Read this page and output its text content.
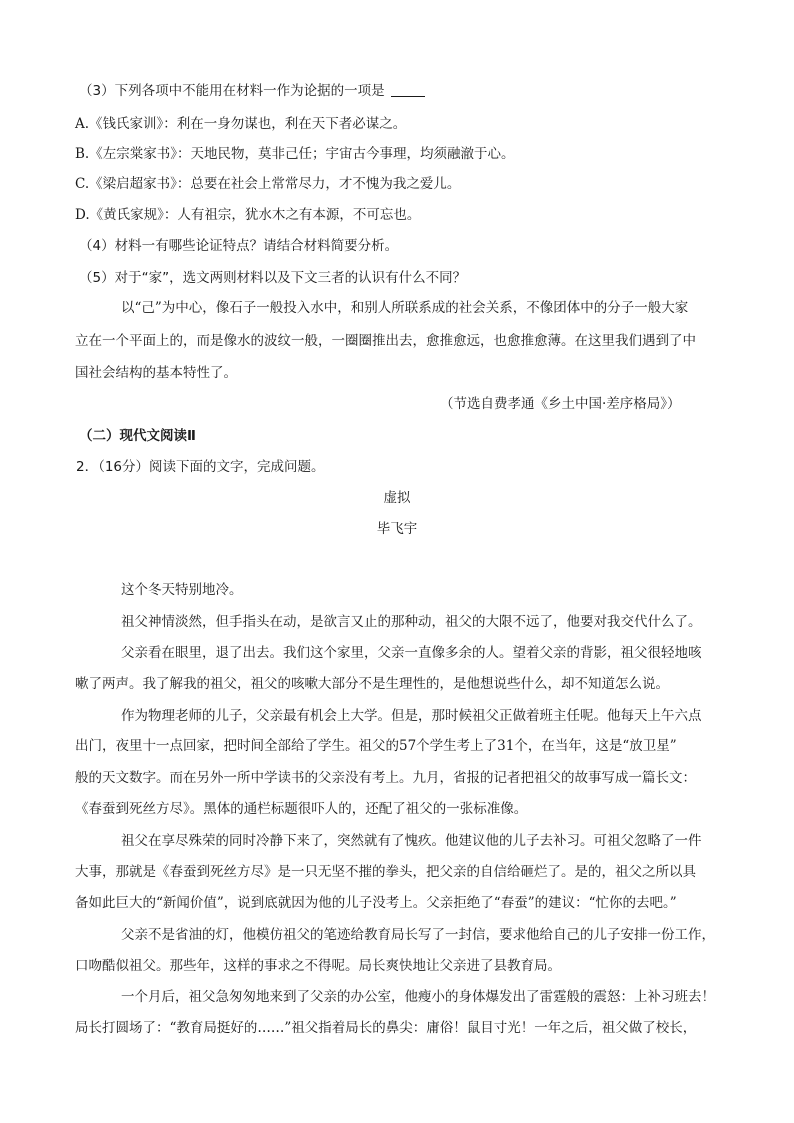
（3）下列各项中不能用在材料一作为论据的一项是
A.《钱氏家训》：利在一身勿谋也，利在天下者必谋之。
B.《左宗棠家书》：天地民物，莫非己任；宇宙古今事理，均须融澈于心。
C.《梁启超家书》：总要在社会上常常尽力，才不愧为我之爱儿。
D.《黄氏家规》：人有祖宗，犹水木之有本源，不可忘也。
（4）材料一有哪些论证特点？请结合材料简要分析。
（5）对于“家”，选文两则材料以及下文三者的认识有什么不同？
以“己”为中心，像石子一般投入水中，和别人所联系成的社会关系，不像团体中的分子一般大家
立在一个平面上的，而是像水的波纹一般，一圈圈推出去，愈推愈远，也愈推愈薄。在这里我们遇到了中
国社会结构的基本特性了。
（节选自费孝通《乡土中国·差序格局》）
（二）现代文阅读Ⅱ
2．（16分）阅读下面的文字，完成问题。
虚拟
毕飞宇
这个冬天特别地冷。
祖父神情淡然，但手指头在动，是欲言又止的那种动，祖父的大限不远了，他要对我交代什么了。
父亲看在眼里，退了出去。我们这个家里，父亲一直像多余的人。望着父亲的背影，祖父很轻地咳
嗽了两声。我了解我的祖父，祖父的咳嗽大部分不是生理性的，是他想说些什么，却不知道怎么说。
作为物理老师的儿子，父亲最有机会上大学。但是，那时候祖父正做着班主任呢。他每天上午六点
出门，夜里十一点回家，把时间全部给了学生。祖父的57个学生考上了31个，在当年，这是“放卫星”
般的天文数字。而在另外一所中学读书的父亲没有考上。九月，省报的记者把祖父的故事写成一篇长文：
《春蚕到死丝方尽》。黑体的通栏标题很吓人的，还配了祖父的一张标准像。
祖父在享尽殊荣的同时冷静下来了，突然就有了愧疚。他建议他的儿子去补习。可祖父忽略了一件
大事，那就是《春蚕到死丝方尽》是一只无坚不摧的拳头，把父亲的自信给砸烂了。是的，祖父之所以具
备如此巨大的“新闻价值”，说到底就因为他的儿子没考上。父亲拒绝了“春蚕”的建议：“忙你的去吧。”
父亲不是省油的灯，他模仿祖父的笔迹给教育局长写了一封信，要求他给自己的儿子安排一份工作，
口吻酷似祖父。那些年，这样的事求之不得呢。局长爽快地让父亲进了县教育局。
一个月后，祖父急匆匆地来到了父亲的办公室，他瘦小的身体爆发出了雷霆般的震怒：上补习班去！
局长打圆场了：“教育局挺好的……”祖父指着局长的鼻尖：庸俗！鼠目寸光！一年之后，祖父做了校长，
